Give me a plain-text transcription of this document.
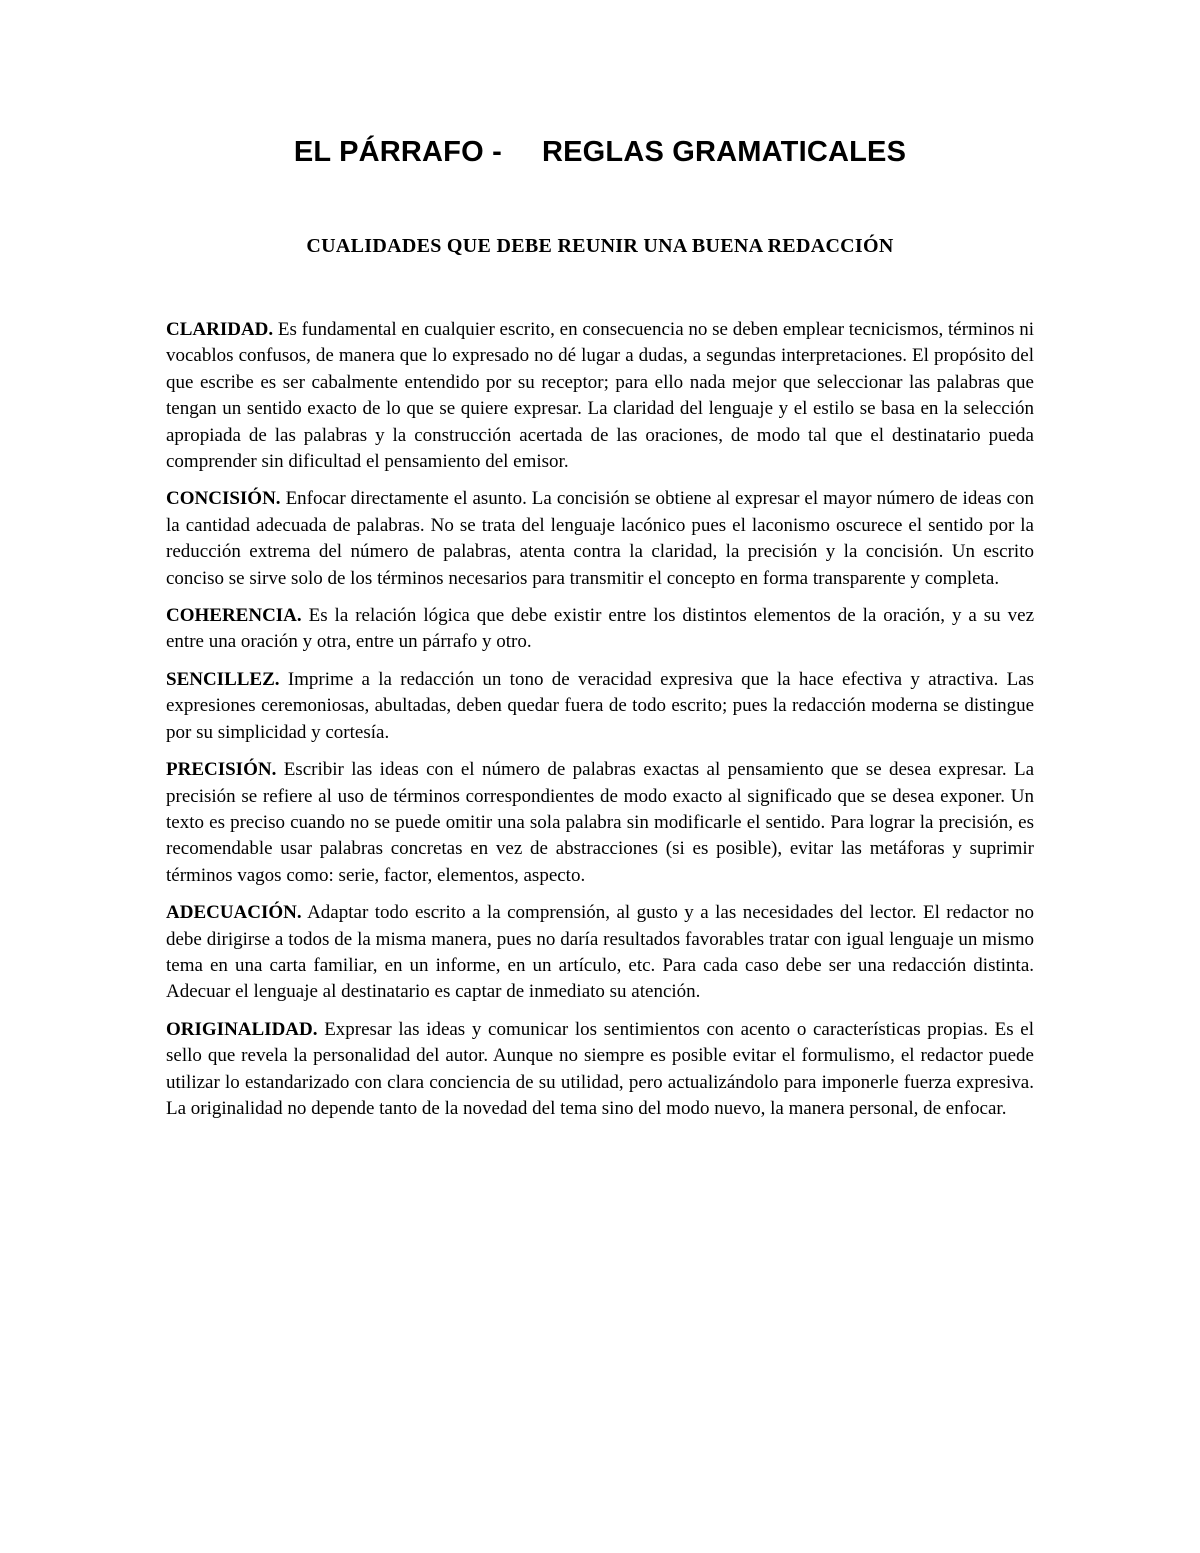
EL PÁRRAFO - REGLAS GRAMATICALES
CUALIDADES QUE DEBE REUNIR UNA BUENA REDACCIÓN

CLARIDAD. Es fundamental en cualquier escrito, en consecuencia no se deben emplear tecnicismos, términos ni vocablos confusos, de manera que lo expresado no dé lugar a dudas, a segundas interpretaciones. El propósito del que escribe es ser cabalmente entendido por su receptor; para ello nada mejor que seleccionar las palabras que tengan un sentido exacto de lo que se quiere expresar. La claridad del lenguaje y el estilo se basa en la selección apropiada de las palabras y la construcción acertada de las oraciones, de modo tal que el destinatario pueda comprender sin dificultad el pensamiento del emisor.

CONCISIÓN. Enfocar directamente el asunto. La concisión se obtiene al expresar el mayor número de ideas con la cantidad adecuada de palabras. No se trata del lenguaje lacónico pues el laconismo oscurece el sentido por la reducción extrema del número de palabras, atenta contra la claridad, la precisión y la concisión. Un escrito conciso se sirve solo de los términos necesarios para transmitir el concepto en forma transparente y completa.

COHERENCIA. Es la relación lógica que debe existir entre los distintos elementos de la oración, y a su vez entre una oración y otra, entre un párrafo y otro.

SENCILLEZ. Imprime a la redacción un tono de veracidad expresiva que la hace efectiva y atractiva. Las expresiones ceremoniosas, abultadas, deben quedar fuera de todo escrito; pues la redacción moderna se distingue por su simplicidad y cortesía.

PRECISIÓN. Escribir las ideas con el número de palabras exactas al pensamiento que se desea expresar. La precisión se refiere al uso de términos correspondientes de modo exacto al significado que se desea exponer. Un texto es preciso cuando no se puede omitir una sola palabra sin modificarle el sentido. Para lograr la precisión, es recomendable usar palabras concretas en vez de abstracciones (si es posible), evitar las metáforas y suprimir términos vagos como: serie, factor, elementos, aspecto.

ADECUACIÓN. Adaptar todo escrito a la comprensión, al gusto y a las necesidades del lector. El redactor no debe dirigirse a todos de la misma manera, pues no daría resultados favorables tratar con igual lenguaje un mismo tema en una carta familiar, en un informe, en un artículo, etc. Para cada caso debe ser una redacción distinta. Adecuar el lenguaje al destinatario es captar de inmediato su atención.

ORIGINALIDAD. Expresar las ideas y comunicar los sentimientos con acento o características propias. Es el sello que revela la personalidad del autor. Aunque no siempre es posible evitar el formulismo, el redactor puede utilizar lo estandarizado con clara conciencia de su utilidad, pero actualizándolo para imponerle fuerza expresiva. La originalidad no depende tanto de la novedad del tema sino del modo nuevo, la manera personal, de enfocar.
